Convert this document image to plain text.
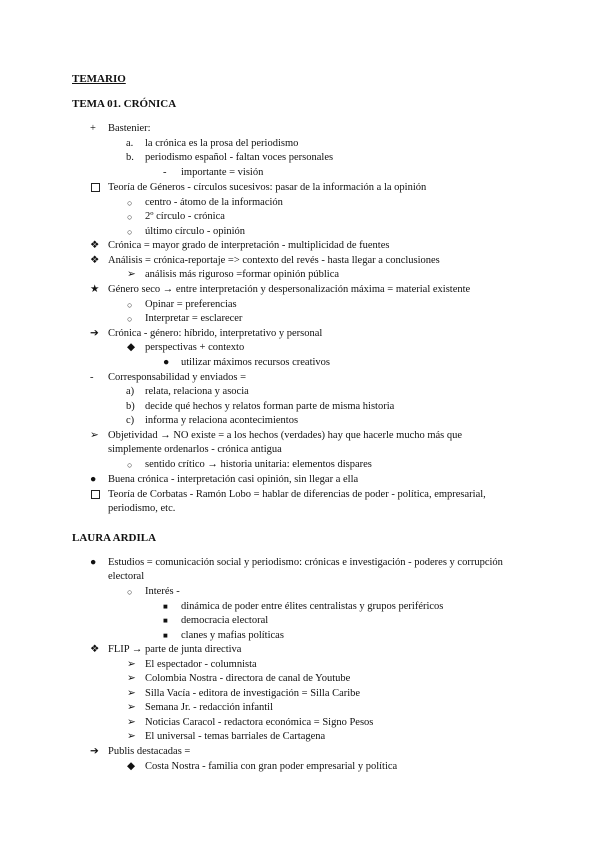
TEMARIO
TEMA 01. CRÓNICA
LAURA ARDILA
+ Bastenier:
a. la crónica es la prosa del periodismo
b. periodismo español - faltan voces personales
- importante = visión
Teoría de Géneros - círculos sucesivos: pasar de la información a la opinión
○ centro - átomo de la información
○ 2º círculo - crónica
○ último círculo - opinión
❖ Crónica = mayor grado de interpretación - multiplicidad de fuentes
❖ Análisis = crónica-reportaje => contexto del revés - hasta llegar a conclusiones
➢ análisis más riguroso =formar opinión pública
★ Género seco → entre interpretación y despersonalización máxima = material existente
○ Opinar = preferencias
○ Interpretar = esclarecer
➔ Crónica - género: híbrido, interpretativo y personal
◆ perspectivas + contexto
● utilizar máximos recursos creativos
- Corresponsabilidad y enviados =
a) relata, relaciona y asocia
b) decide qué hechos y relatos forman parte de misma historia
c) informa y relaciona acontecimientos
➢ Objetividad → NO existe = a los hechos (verdades) hay que hacerle mucho más que
simplemente ordenarlos - crónica antigua
○ sentido crítico → historia unitaria: elementos dispares
● Buena crónica - interpretación casi opinión, sin llegar a ella
Teoría de Corbatas - Ramón Lobo = hablar de diferencias de poder - política, empresarial,
periodismo, etc.
● Estudios = comunicación social y periodismo: crónicas e investigación - poderes y corrupción
electoral
○ Interés -
■ dinámica de poder entre élites centralistas y grupos periféricos
■ democracia electoral
■ clanes y mafias políticas
❖ FLIP → parte de junta directiva
➢ El espectador - columnista
➢ Colombia Nostra - directora de canal de Youtube
➢ Silla Vacía - editora de investigación = Silla Caribe
➢ Semana Jr. - redacción infantil
➢ Noticias Caracol - redactora económica = Signo Pesos
➢ El universal - temas barriales de Cartagena
➔ Publis destacadas =
◆ Costa Nostra - familia con gran poder empresarial y política
